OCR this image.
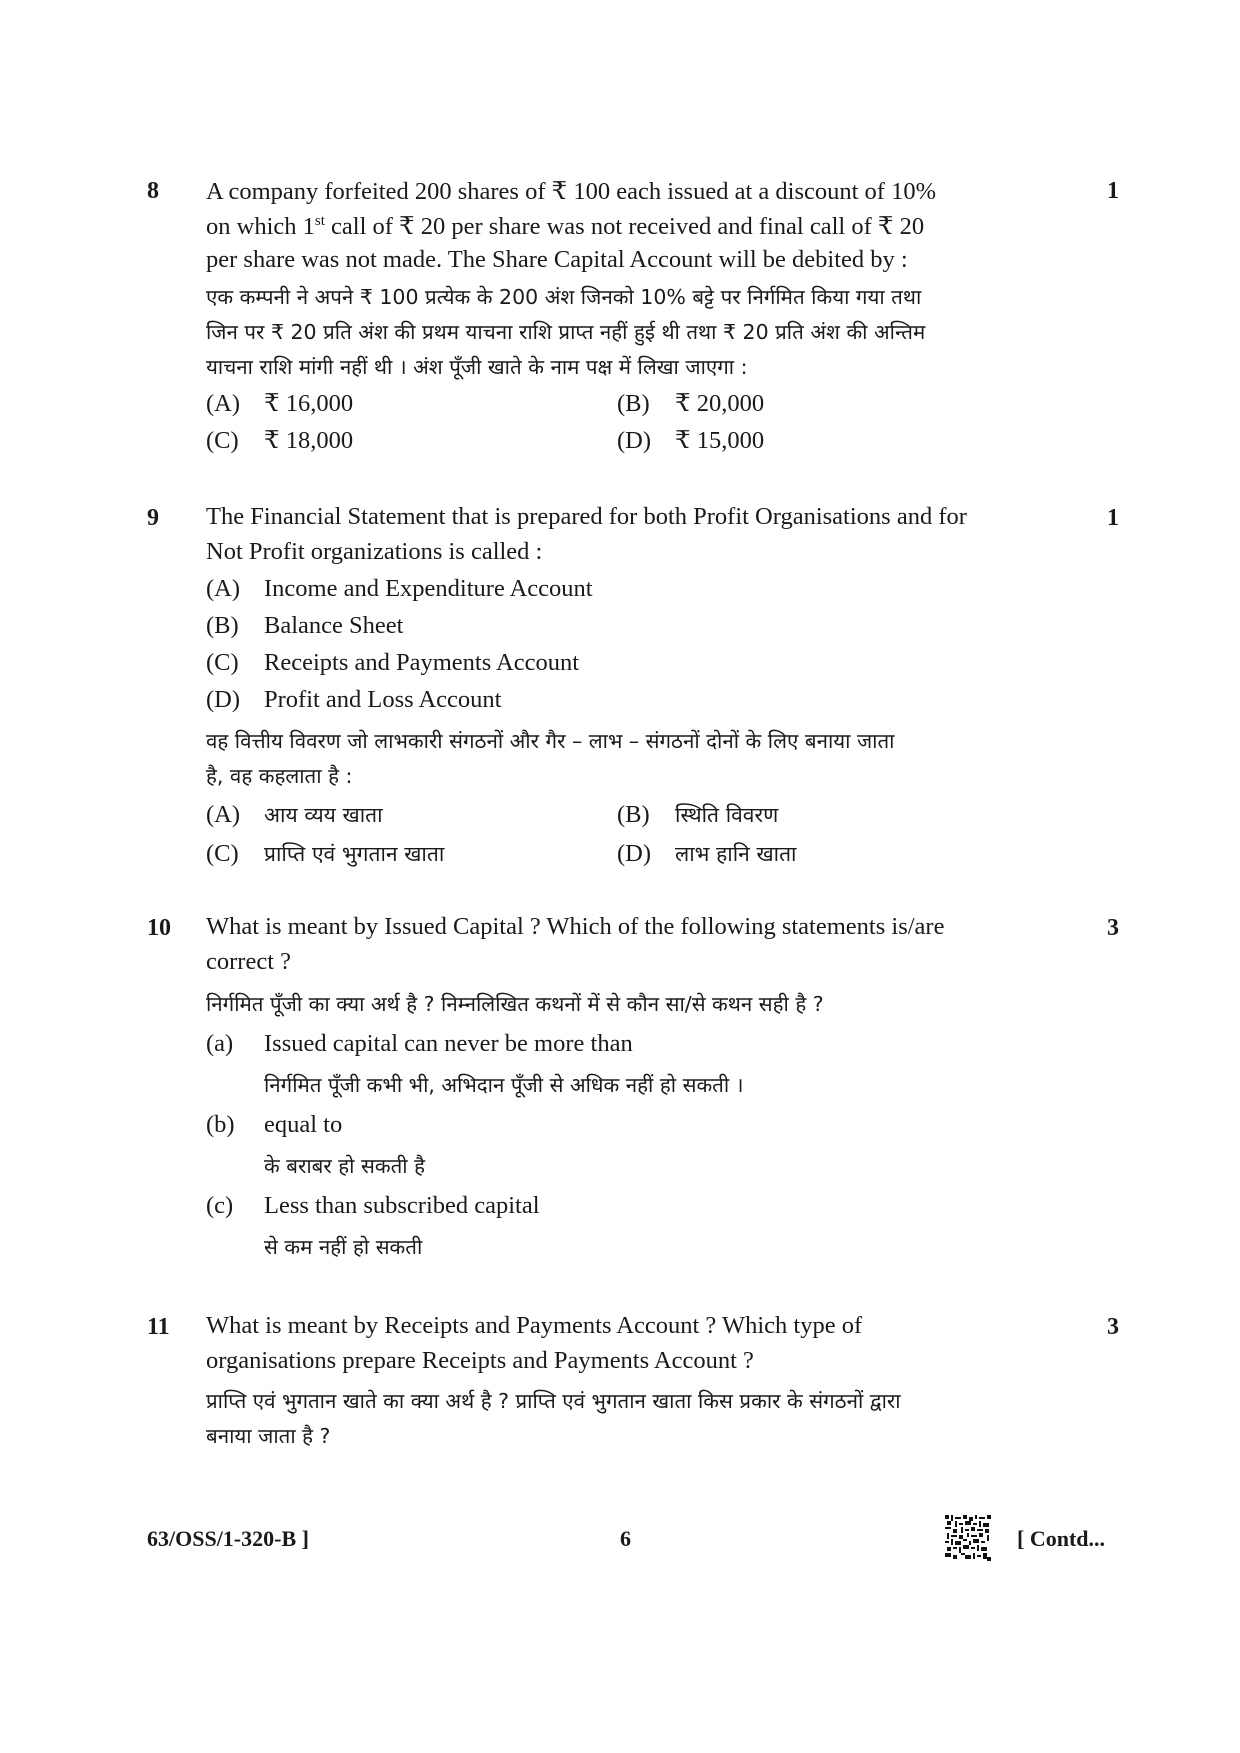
8	1
A company forfeited 200 shares of ₹ 100 each issued at a discount of 10%
on which 1st call of ₹ 20 per share was not received and final call of ₹ 20
per share was not made. The Share Capital Account will be debited by :
एक कम्पनी ने अपने ₹ 100 प्रत्येक के 200 अंश जिनको 10% बट्टे पर निर्गमित किया गया तथा
जिन पर ₹ 20 प्रति अंश की प्रथम याचना राशि प्राप्त नहीं हुई थी तथा ₹ 20 प्रति अंश की अन्तिम
याचना राशि मांगी नहीं थी । अंश पूँजी खाते के नाम पक्ष में लिखा जाएगा :
(A) ₹ 16,000	(B) ₹ 20,000
(C) ₹ 18,000	(D) ₹ 15,000
9	1
The Financial Statement that is prepared for both Profit Organisations and for
Not Profit organizations is called :
(A) Income and Expenditure Account
(B) Balance Sheet
(C) Receipts and Payments Account
(D) Profit and Loss Account
वह वित्तीय विवरण जो लाभकारी संगठनों और गैर – लाभ – संगठनों दोनों के लिए बनाया जाता
है, वह कहलाता है :
(A) आय व्यय खाता	(B) स्थिति विवरण
(C) प्राप्ति एवं भुगतान खाता	(D) लाभ हानि खाता
10	3
What is meant by Issued Capital ? Which of the following statements is/are
correct ?
निर्गमित पूँजी का क्या अर्थ है ? निम्नलिखित कथनों में से कौन सा/से कथन सही है ?
(a) Issued capital can never be more than
निर्गमित पूँजी कभी भी, अभिदान पूँजी से अधिक नहीं हो सकती ।
(b) equal to
के बराबर हो सकती है
(c) Less than subscribed capital
से कम नहीं हो सकती
11	3
What is meant by Receipts and Payments Account ? Which type of
organisations prepare Receipts and Payments Account ?
प्राप्ति एवं भुगतान खाते का क्या अर्थ है ? प्राप्ति एवं भुगतान खाता किस प्रकार के संगठनों द्वारा
बनाया जाता है ?
63/OSS/1-320-B ]	6	[ Contd...
